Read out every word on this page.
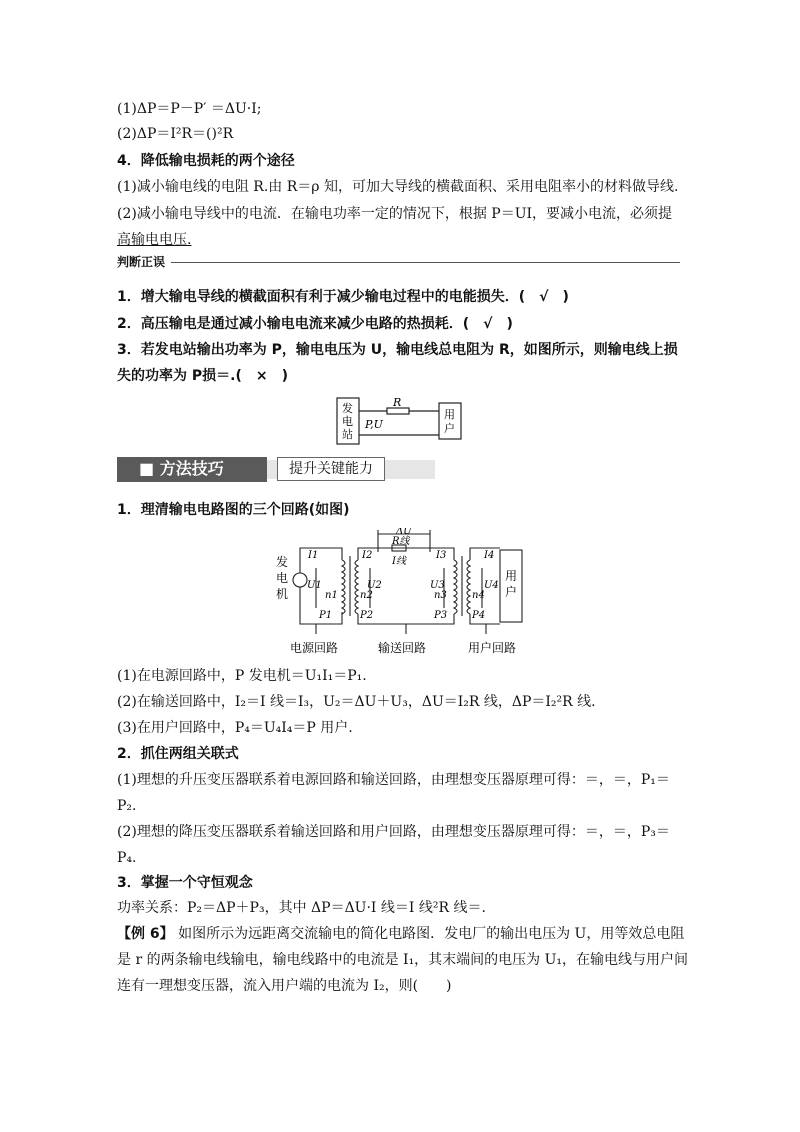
(1)ΔP＝P－P′ ＝ΔU·I;
(2)ΔP＝I²R＝()²R
4．降低输电损耗的两个途径
(1)减小输电线的电阻 R.由 R＝ρ 知，可加大导线的横截面积、采用电阻率小的材料做导线.
(2)减小输电导线中的电流．在输电功率一定的情况下，根据 P＝UI，要减小电流，必须提
高输电电压.
判断正误
1．增大输电导线的横截面积有利于减少输电过程中的电能损失．(　√　)
2．高压输电是通过减小输电电流来减少电路的热损耗．(　√　)
3．若发电站输出功率为 P，输电电压为 U，输电线总电阻为 R，如图所示，则输电线上损
失的功率为 P损＝.(　×　)
发
电
站
用
户
R
P,U
■ 方法技巧	提升关键能力
1．理清输电电路图的三个回路(如图)
ΔU
R线
I线
I1	I2	I3	I4
U1	U2	U3	U4
n1 n2	n3	n4
P1	P2	P3 P4
发
电
机
用
户
电源回路	输送回路	用户回路
(1)在电源回路中，P 发电机＝U₁I₁＝P₁.
(2)在输送回路中，I₂＝I 线＝I₃，U₂＝ΔU＋U₃，ΔU＝I₂R 线，ΔP＝I₂²R 线.
(3)在用户回路中，P₄＝U₄I₄＝P 用户.
2．抓住两组关联式
(1)理想的升压变压器联系着电源回路和输送回路，由理想变压器原理可得：＝，＝，P₁＝
P₂.
(2)理想的降压变压器联系着输送回路和用户回路，由理想变压器原理可得：＝，＝，P₃＝
P₄.
3．掌握一个守恒观念
功率关系：P₂＝ΔP＋P₃，其中 ΔP＝ΔU·I 线＝I 线²R 线＝.
【例 6】 如图所示为远距离交流输电的简化电路图．发电厂的输出电压为 U，用等效总电阻
是 r 的两条输电线输电，输电线路中的电流是 I₁，其末端间的电压为 U₁，在输电线与用户间
连有一理想变压器，流入用户端的电流为 I₂，则(　　)
